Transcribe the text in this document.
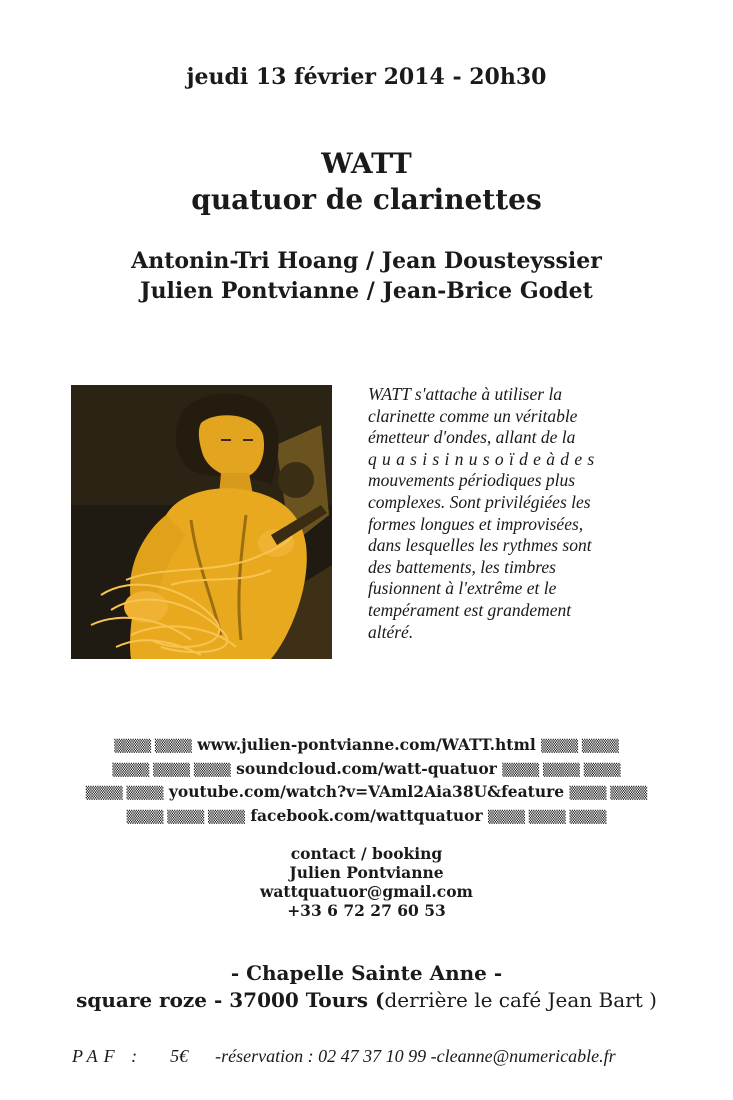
jeudi 13 février 2014 - 20h30
WATT
quatuor de clarinettes
Antonin-Tri Hoang / Jean Dousteyssier
Julien Pontvianne / Jean-Brice Godet
WATT s'attache à utiliser la
clarinette comme un véritable
émetteur d'ondes, allant de la
quasisinusoïdeàdes
mouvements périodiques plus
complexes. Sont privilégiées les
formes longues et improvisées,
dans lesquelles les rythmes sont
des battements, les timbres
fusionnent à l'extrême et le
tempérament est grandement
altéré.
▒▒▒▒ ▒▒▒▒ www.julien-pontvianne.com/WATT.html ▒▒▒▒ ▒▒▒▒
▒▒▒▒ ▒▒▒▒ ▒▒▒▒ soundcloud.com/watt-quatuor ▒▒▒▒ ▒▒▒▒ ▒▒▒▒
▒▒▒▒ ▒▒▒▒ youtube.com/watch?v=VAml2Aia38U&feature ▒▒▒▒ ▒▒▒▒
▒▒▒▒ ▒▒▒▒ ▒▒▒▒ facebook.com/wattquatuor ▒▒▒▒ ▒▒▒▒ ▒▒▒▒
contact / booking
Julien Pontvianne
wattquatuor@gmail.com
+33 6 72 27 60 53
- Chapelle Sainte Anne -
square roze - 37000 Tours (derrière le café Jean Bart )
PAF : 5€ -réservation : 02 47 37 10 99 -cleanne@numericable.fr
